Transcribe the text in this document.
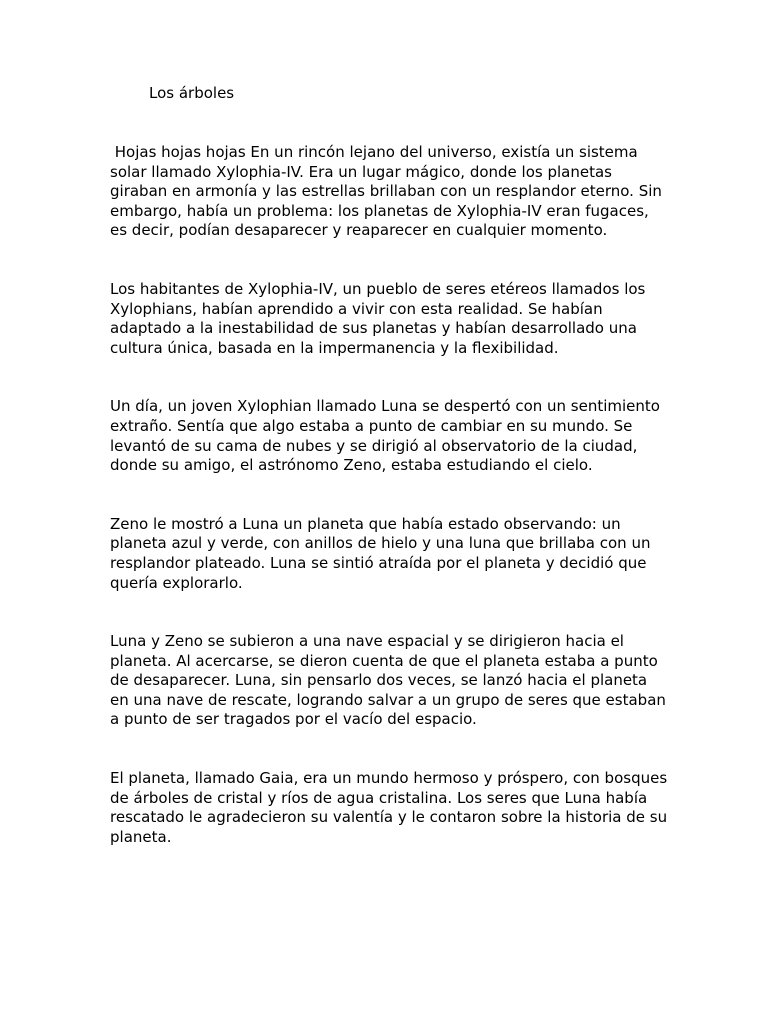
Los árboles

Hojas hojas hojas En un rincón lejano del universo, existía un sistema solar llamado Xylophia-IV. Era un lugar mágico, donde los planetas giraban en armonía y las estrellas brillaban con un resplandor eterno. Sin embargo, había un problema: los planetas de Xylophia-IV eran fugaces, es decir, podían desaparecer y reaparecer en cualquier momento.

Los habitantes de Xylophia-IV, un pueblo de seres etéreos llamados los Xylophians, habían aprendido a vivir con esta realidad. Se habían adaptado a la inestabilidad de sus planetas y habían desarrollado una cultura única, basada en la impermanencia y la flexibilidad.

Un día, un joven Xylophian llamado Luna se despertó con un sentimiento extraño. Sentía que algo estaba a punto de cambiar en su mundo. Se levantó de su cama de nubes y se dirigió al observatorio de la ciudad, donde su amigo, el astrónomo Zeno, estaba estudiando el cielo.

Zeno le mostró a Luna un planeta que había estado observando: un planeta azul y verde, con anillos de hielo y una luna que brillaba con un resplandor plateado. Luna se sintió atraída por el planeta y decidió que quería explorarlo.

Luna y Zeno se subieron a una nave espacial y se dirigieron hacia el planeta. Al acercarse, se dieron cuenta de que el planeta estaba a punto de desaparecer. Luna, sin pensarlo dos veces, se lanzó hacia el planeta en una nave de rescate, logrando salvar a un grupo de seres que estaban a punto de ser tragados por el vacío del espacio.

El planeta, llamado Gaia, era un mundo hermoso y próspero, con bosques de árboles de cristal y ríos de agua cristalina. Los seres que Luna había rescatado le agradecieron su valentía y le contaron sobre la historia de su planeta.
